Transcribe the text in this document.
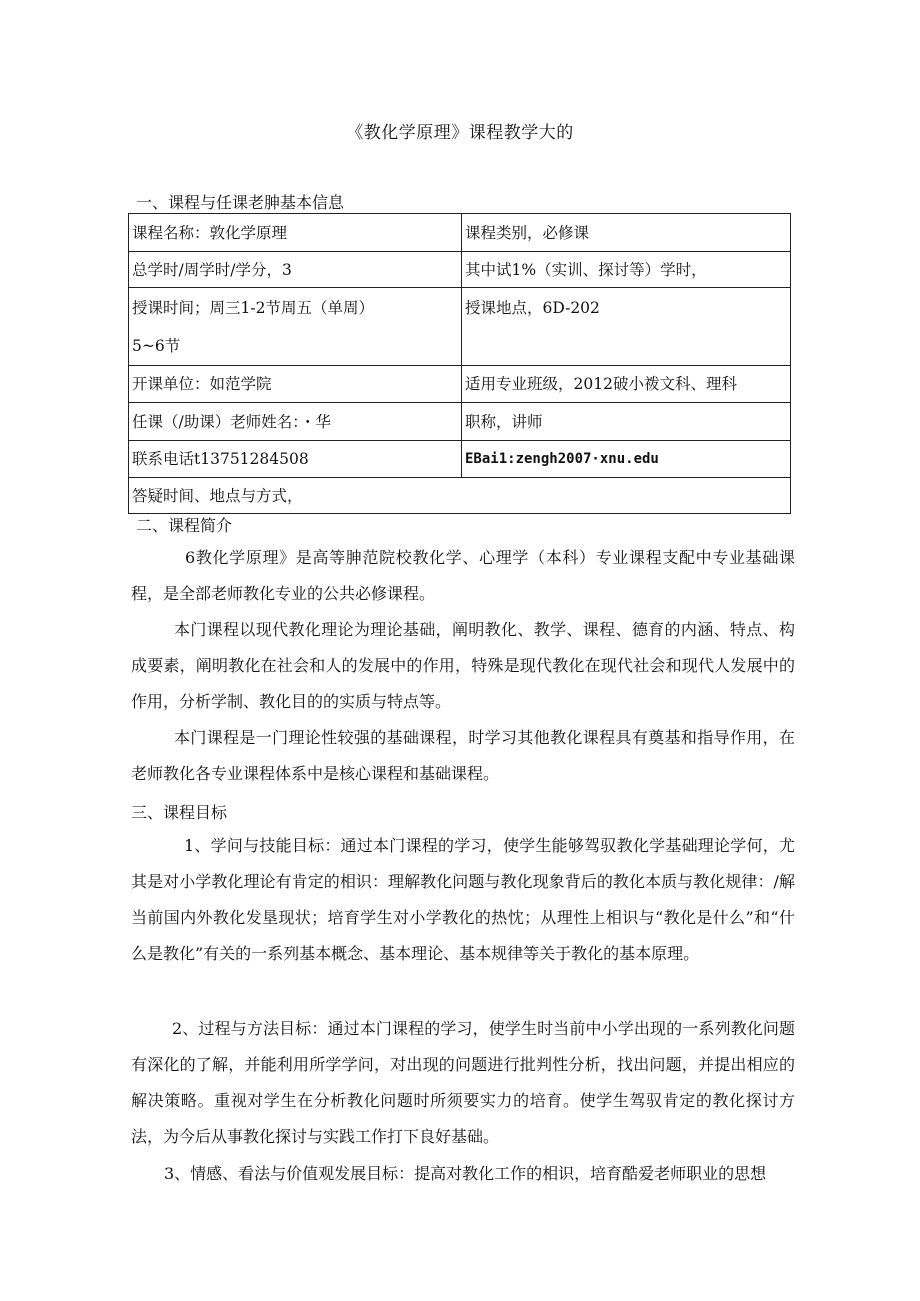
《教化学原理》课程教学大的
一、课程与任课老胂基本信息
课程名称：敦化学原理	课程类别，必修课
总学时/周学时/学分，3	其中试1%（实训、探讨等）学时，

授课时间；周三1-2节周五（单周）
5~6节	授课地点，6D-202
开课单位：如范学院	适用专业班级，2012破小袯文科、理科
任课（/助课）老师姓名：・华	职称，讲师
联系电话t13751284508	EBai1:zengh2007·xnu.edu
答疑时间、地点与方式，	
二、课程简介
6教化学原理》是高等胂范院校教化学、心理学（本科）专业课程支配中专业基础课程，是全部老师教化专业的公共必修课程。
本门课程以现代教化理论为理论基础，阐明教化、教学、课程、德育的内涵、特点、构成要素，阐明教化在社会和人的发展中的作用，特殊是现代教化在现代社会和现代人发展中的作用，分析学制、教化目的的实质与特点等。
本门课程是一门理论性较强的基础课程，时学习其他教化课程具有奠基和指导作用，在老师教化各专业课程体系中是核心课程和基础课程。
三、课程目标
1、学问与技能目标：通过本门课程的学习，使学生能够驾驭教化学基础理论学何，尤其是对小学教化理论有肯定的相识：理解教化问题与教化现象背后的教化本质与教化规律：/解当前国内外教化发垦现状；培育学生对小学教化的热忱；从理性上相识与“教化是什么”和“什么是教化”有关的一系列基本概念、基本理论、基本规律等关于教化的基本原理。
2、过程与方法目标：通过本门课程的学习，使学生时当前中小学出现的一系列教化问题有深化的了解，并能利用所学学问，对出现的问题进行批判性分析，找出问题，并提出相应的解决策略。重视对学生在分析教化问题时所须要实力的培育。使学生驾驭肯定的教化探讨方法，为今后从事教化探讨与实践工作打下良好基础。
3、情感、看法与价值观发展目标：提高对教化工作的相识，培育酷爱老师职业的思想
